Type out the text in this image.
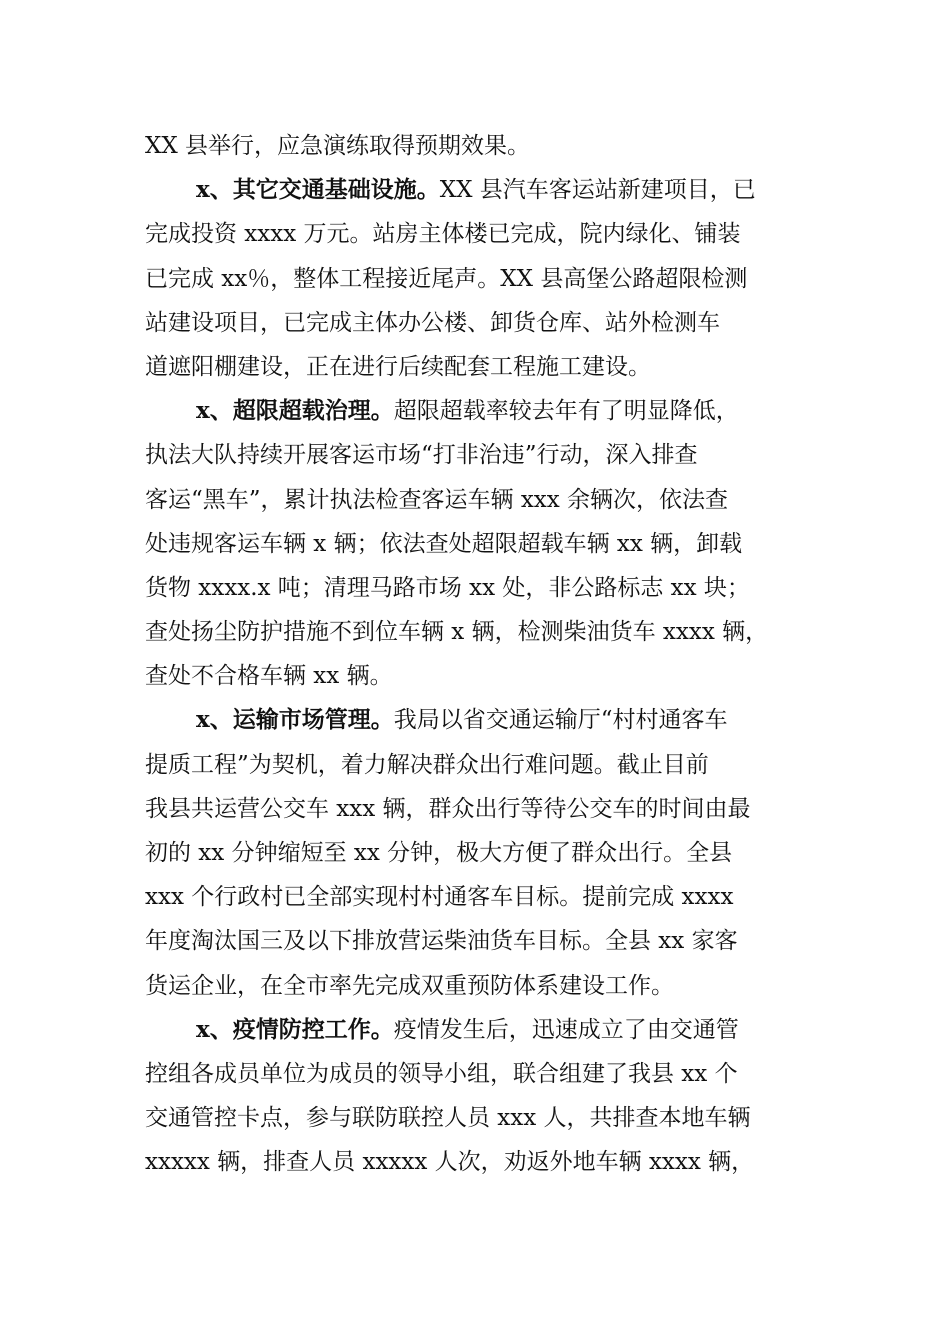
XX 县举行，应急演练取得预期效果。
x、其它交通基础设施。XX 县汽车客运站新建项目，已
完成投资 xxxx 万元。站房主体楼已完成，院内绿化、铺装
已完成 xx％，整体工程接近尾声。XX 县高堡公路超限检测
站建设项目，已完成主体办公楼、卸货仓库、站外检测车
道遮阳棚建设，正在进行后续配套工程施工建设。
x、超限超载治理。超限超载率较去年有了明显降低，
执法大队持续开展客运市场“打非治违”行动，深入排查
客运“黑车”，累计执法检查客运车辆 xxx 余辆次，依法查
处违规客运车辆 x 辆；依法查处超限超载车辆 xx 辆，卸载
货物 xxxx.x 吨；清理马路市场 xx 处，非公路标志 xx 块；
查处扬尘防护措施不到位车辆 x 辆，检测柴油货车 xxxx 辆，
查处不合格车辆 xx 辆。
x、运输市场管理。我局以省交通运输厅“村村通客车
提质工程”为契机，着力解决群众出行难问题。截止目前
我县共运营公交车 xxx 辆，群众出行等待公交车的时间由最
初的 xx 分钟缩短至 xx 分钟，极大方便了群众出行。全县
xxx 个行政村已全部实现村村通客车目标。提前完成 xxxx
年度淘汰国三及以下排放营运柴油货车目标。全县 xx 家客
货运企业，在全市率先完成双重预防体系建设工作。
x、疫情防控工作。疫情发生后，迅速成立了由交通管
控组各成员单位为成员的领导小组，联合组建了我县 xx 个
交通管控卡点，参与联防联控人员 xxx 人，共排查本地车辆
xxxxx 辆，排查人员 xxxxx 人次，劝返外地车辆 xxxx 辆，
